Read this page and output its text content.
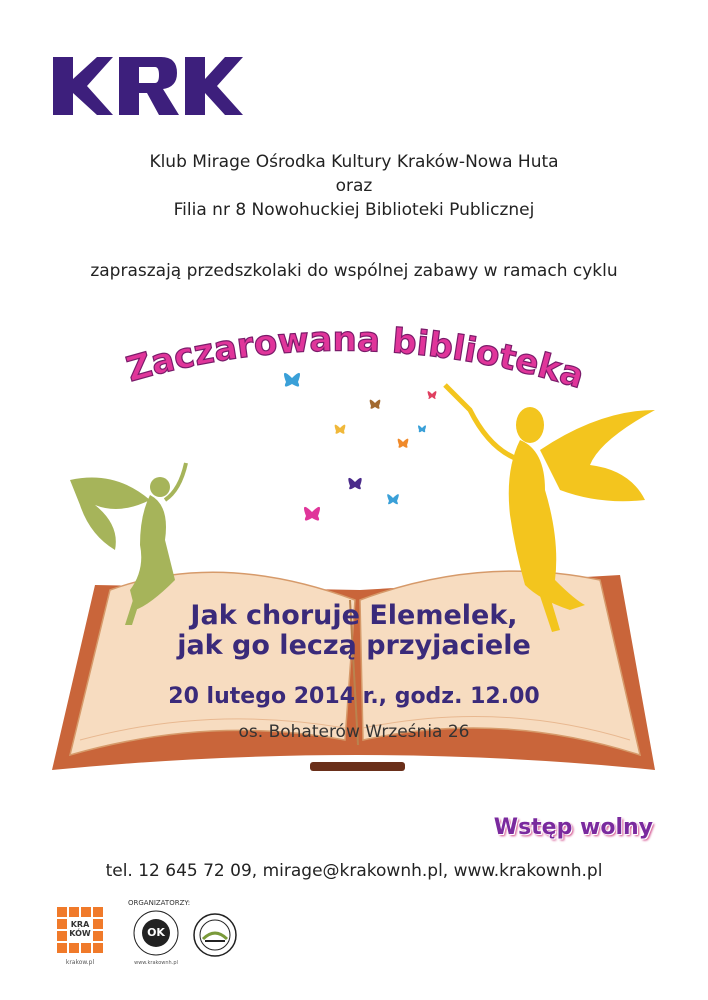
Klub Mirage Ośrodka Kultury Kraków-Nowa Huta
oraz
Filia nr 8 Nowohuckiej Biblioteki Publicznej
zapraszają przedszkolaki do wspólnej zabawy w ramach cyklu
Zaczarowana biblioteka
Jak choruje Elemelek,
jak go leczą przyjaciele
20 lutego 2014 r., godz. 12.00
os. Bohaterów Września 26
Wstęp wolny
tel. 12 645 72 09, mirage@krakownh.pl, www.krakownh.pl
KRA
KÓW
krakow.pl
ORGANIZATORZY:
OK
www.krakownh.pl
